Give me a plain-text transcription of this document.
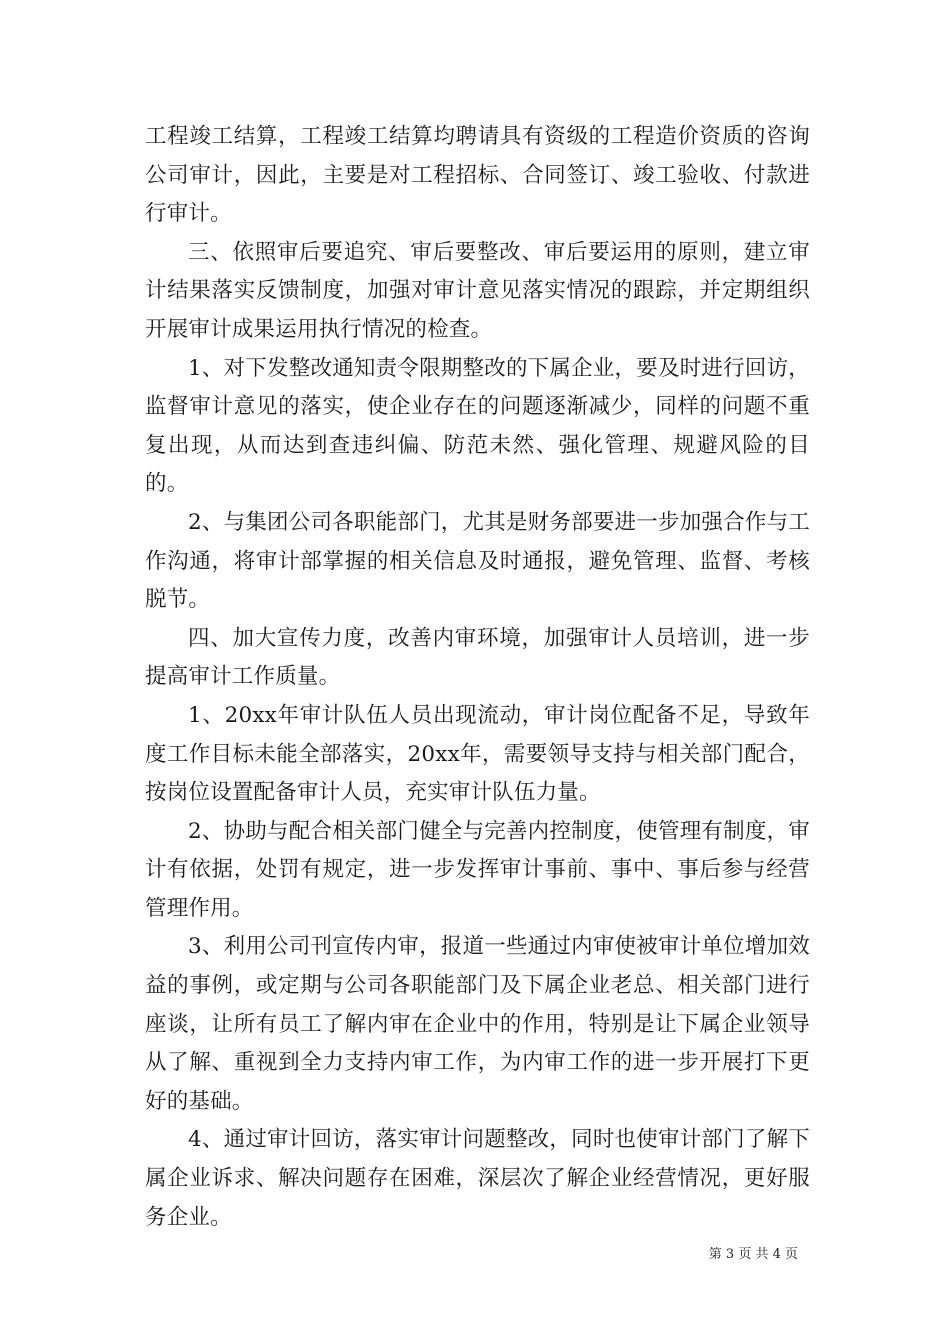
工程竣工结算，工程竣工结算均聘请具有资级的工程造价资质的咨询公司审计，因此，主要是对工程招标、合同签订、竣工验收、付款进行审计。

三、依照审后要追究、审后要整改、审后要运用的原则，建立审计结果落实反馈制度，加强对审计意见落实情况的跟踪，并定期组织开展审计成果运用执行情况的检查。

1、对下发整改通知责令限期整改的下属企业，要及时进行回访，监督审计意见的落实，使企业存在的问题逐渐减少，同样的问题不重复出现，从而达到查违纠偏、防范未然、强化管理、规避风险的目的。

2、与集团公司各职能部门，尤其是财务部要进一步加强合作与工作沟通，将审计部掌握的相关信息及时通报，避免管理、监督、考核脱节。

四、加大宣传力度，改善内审环境，加强审计人员培训，进一步提高审计工作质量。

1、20xx年审计队伍人员出现流动，审计岗位配备不足，导致年度工作目标未能全部落实，20xx年，需要领导支持与相关部门配合，按岗位设置配备审计人员，充实审计队伍力量。

2、协助与配合相关部门健全与完善内控制度，使管理有制度，审计有依据，处罚有规定，进一步发挥审计事前、事中、事后参与经营管理作用。

3、利用公司刊宣传内审，报道一些通过内审使被审计单位增加效益的事例，或定期与公司各职能部门及下属企业老总、相关部门进行座谈，让所有员工了解内审在企业中的作用，特别是让下属企业领导从了解、重视到全力支持内审工作，为内审工作的进一步开展打下更好的基础。

4、通过审计回访，落实审计问题整改，同时也使审计部门了解下属企业诉求、解决问题存在困难，深层次了解企业经营情况，更好服务企业。

第 3 页 共 4 页
